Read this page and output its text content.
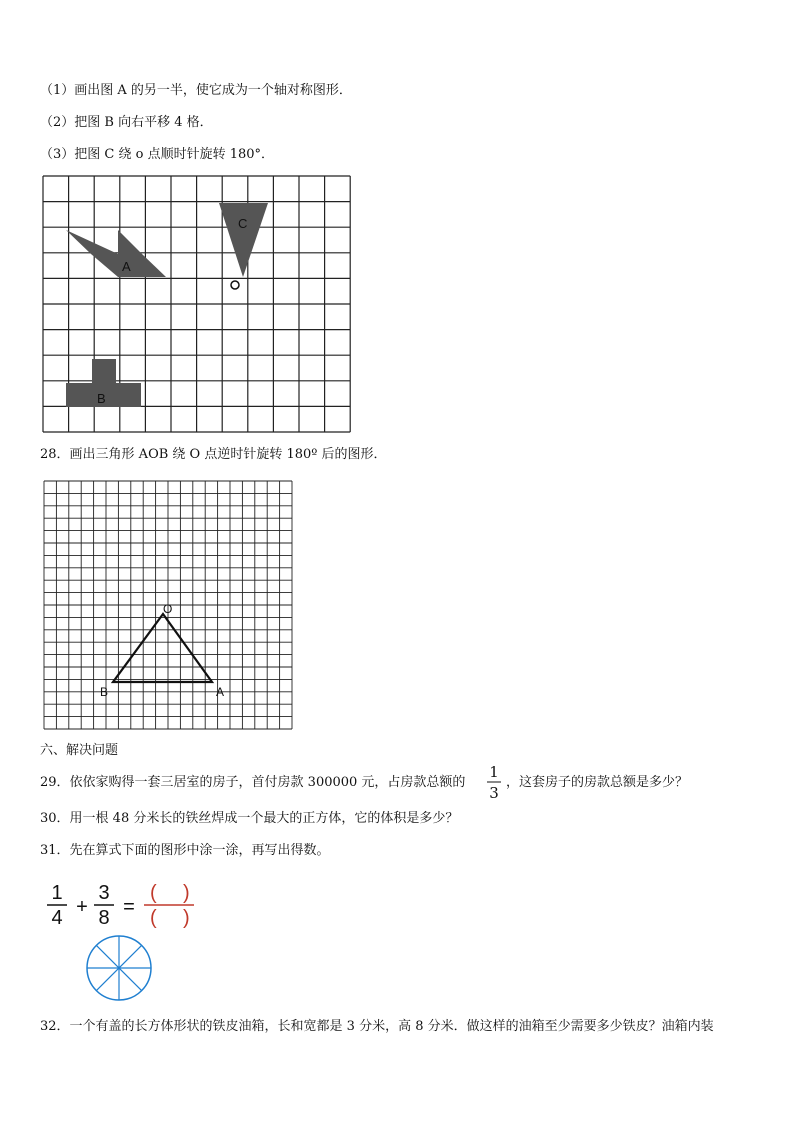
（1）画出图 A 的另一半，使它成为一个轴对称图形．
（2）把图 B 向右平移 4 格．
（3）把图 C 绕 o 点顺时针旋转 180°．
A
B
C
28．画出三角形 AOB 绕 O 点逆时针旋转 180º 后的图形．
O
B	A
六、解决问题
29．依依家购得一套三居室的房子，首付房款 300000 元，占房款总额的
1
3
，这套房子的房款总额是多少？
30．用一根 48 分米长的铁丝焊成一个最大的正方体，它的体积是多少？
31．先在算式下面的图形中涂一涂，再写出得数。
1
4 +
3
8 =
( )
( )
32．一个有盖的长方体形状的铁皮油箱，长和宽都是 3 分米，高 8 分米．做这样的油箱至少需要多少铁皮？油箱内装
